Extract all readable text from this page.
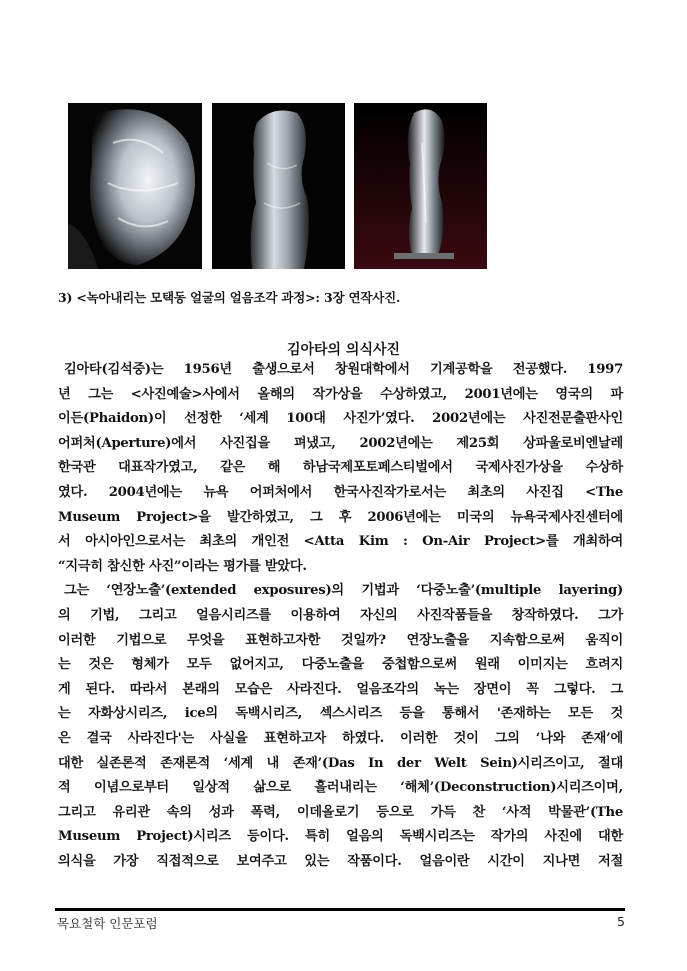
3) <녹아내리는 모택동 얼굴의 얼음조각 과정>: 3장 연작사진.
김아타의 의식사진
김아타(김석중)는 1956년 출생으로서 창원대학에서 기계공학을 전공했다. 1997
년 그는 <사진예술>사에서 올해의 작가상을 수상하였고, 2001년에는 영국의 파
이든(Phaidon)이 선정한 ‘세계 100대 사진가’였다. 2002년에는 사진전문출판사인
어퍼처(Aperture)에서 사진집을 펴냈고, 2002년에는 제25회 상파울로비엔날레
한국관 대표작가였고, 같은 해 하남국제포토페스티벌에서 국제사진가상을 수상하
였다. 2004년에는 뉴욕 어퍼처에서 한국사진작가로서는 최초의 사진집 <The
Museum Project>을 발간하였고, 그 후 2006년에는 미국의 뉴욕국제사진센터에
서 아시아인으로서는 최초의 개인전 <Atta Kim : On-Air Project>를 개최하여
“지극히 참신한 사진”이라는 평가를 받았다.
그는 ‘연장노출’(extended exposures)의 기법과 ‘다중노출’(multiple layering)
의 기법, 그리고 얼음시리즈를 이용하여 자신의 사진작품들을 창작하였다. 그가
이러한 기법으로 무엇을 표현하고자한 것일까? 연장노출을 지속함으로써 움직이
는 것은 형체가 모두 없어지고, 다중노출을 중첩함으로써 원래 이미지는 흐려지
게 된다. 따라서 본래의 모습은 사라진다. 얼음조각의 녹는 장면이 꼭 그렇다. 그
는 자화상시리즈, ice의 독백시리즈, 섹스시리즈 등을 통해서 '존재하는 모든 것
은 결국 사라진다'는 사실을 표현하고자 하였다. 이러한 것이 그의 ‘나와 존재’에
대한 실존론적 존재론적 ‘세계 내 존재’(Das In der Welt Sein)시리즈이고, 절대
적 이념으로부터 일상적 삶으로 흘러내리는 ‘해체’(Deconstruction)시리즈이며,
그리고 유리관 속의 성과 폭력, 이데올로기 등으로 가득 찬 ‘사적 박물관’(The
Museum Project)시리즈 등이다. 특히 얼음의 독백시리즈는 작가의 사진에 대한
의식을 가장 직접적으로 보여주고 있는 작품이다. 얼음이란 시간이 지나면 저절
목요철학 인문포럼	5
